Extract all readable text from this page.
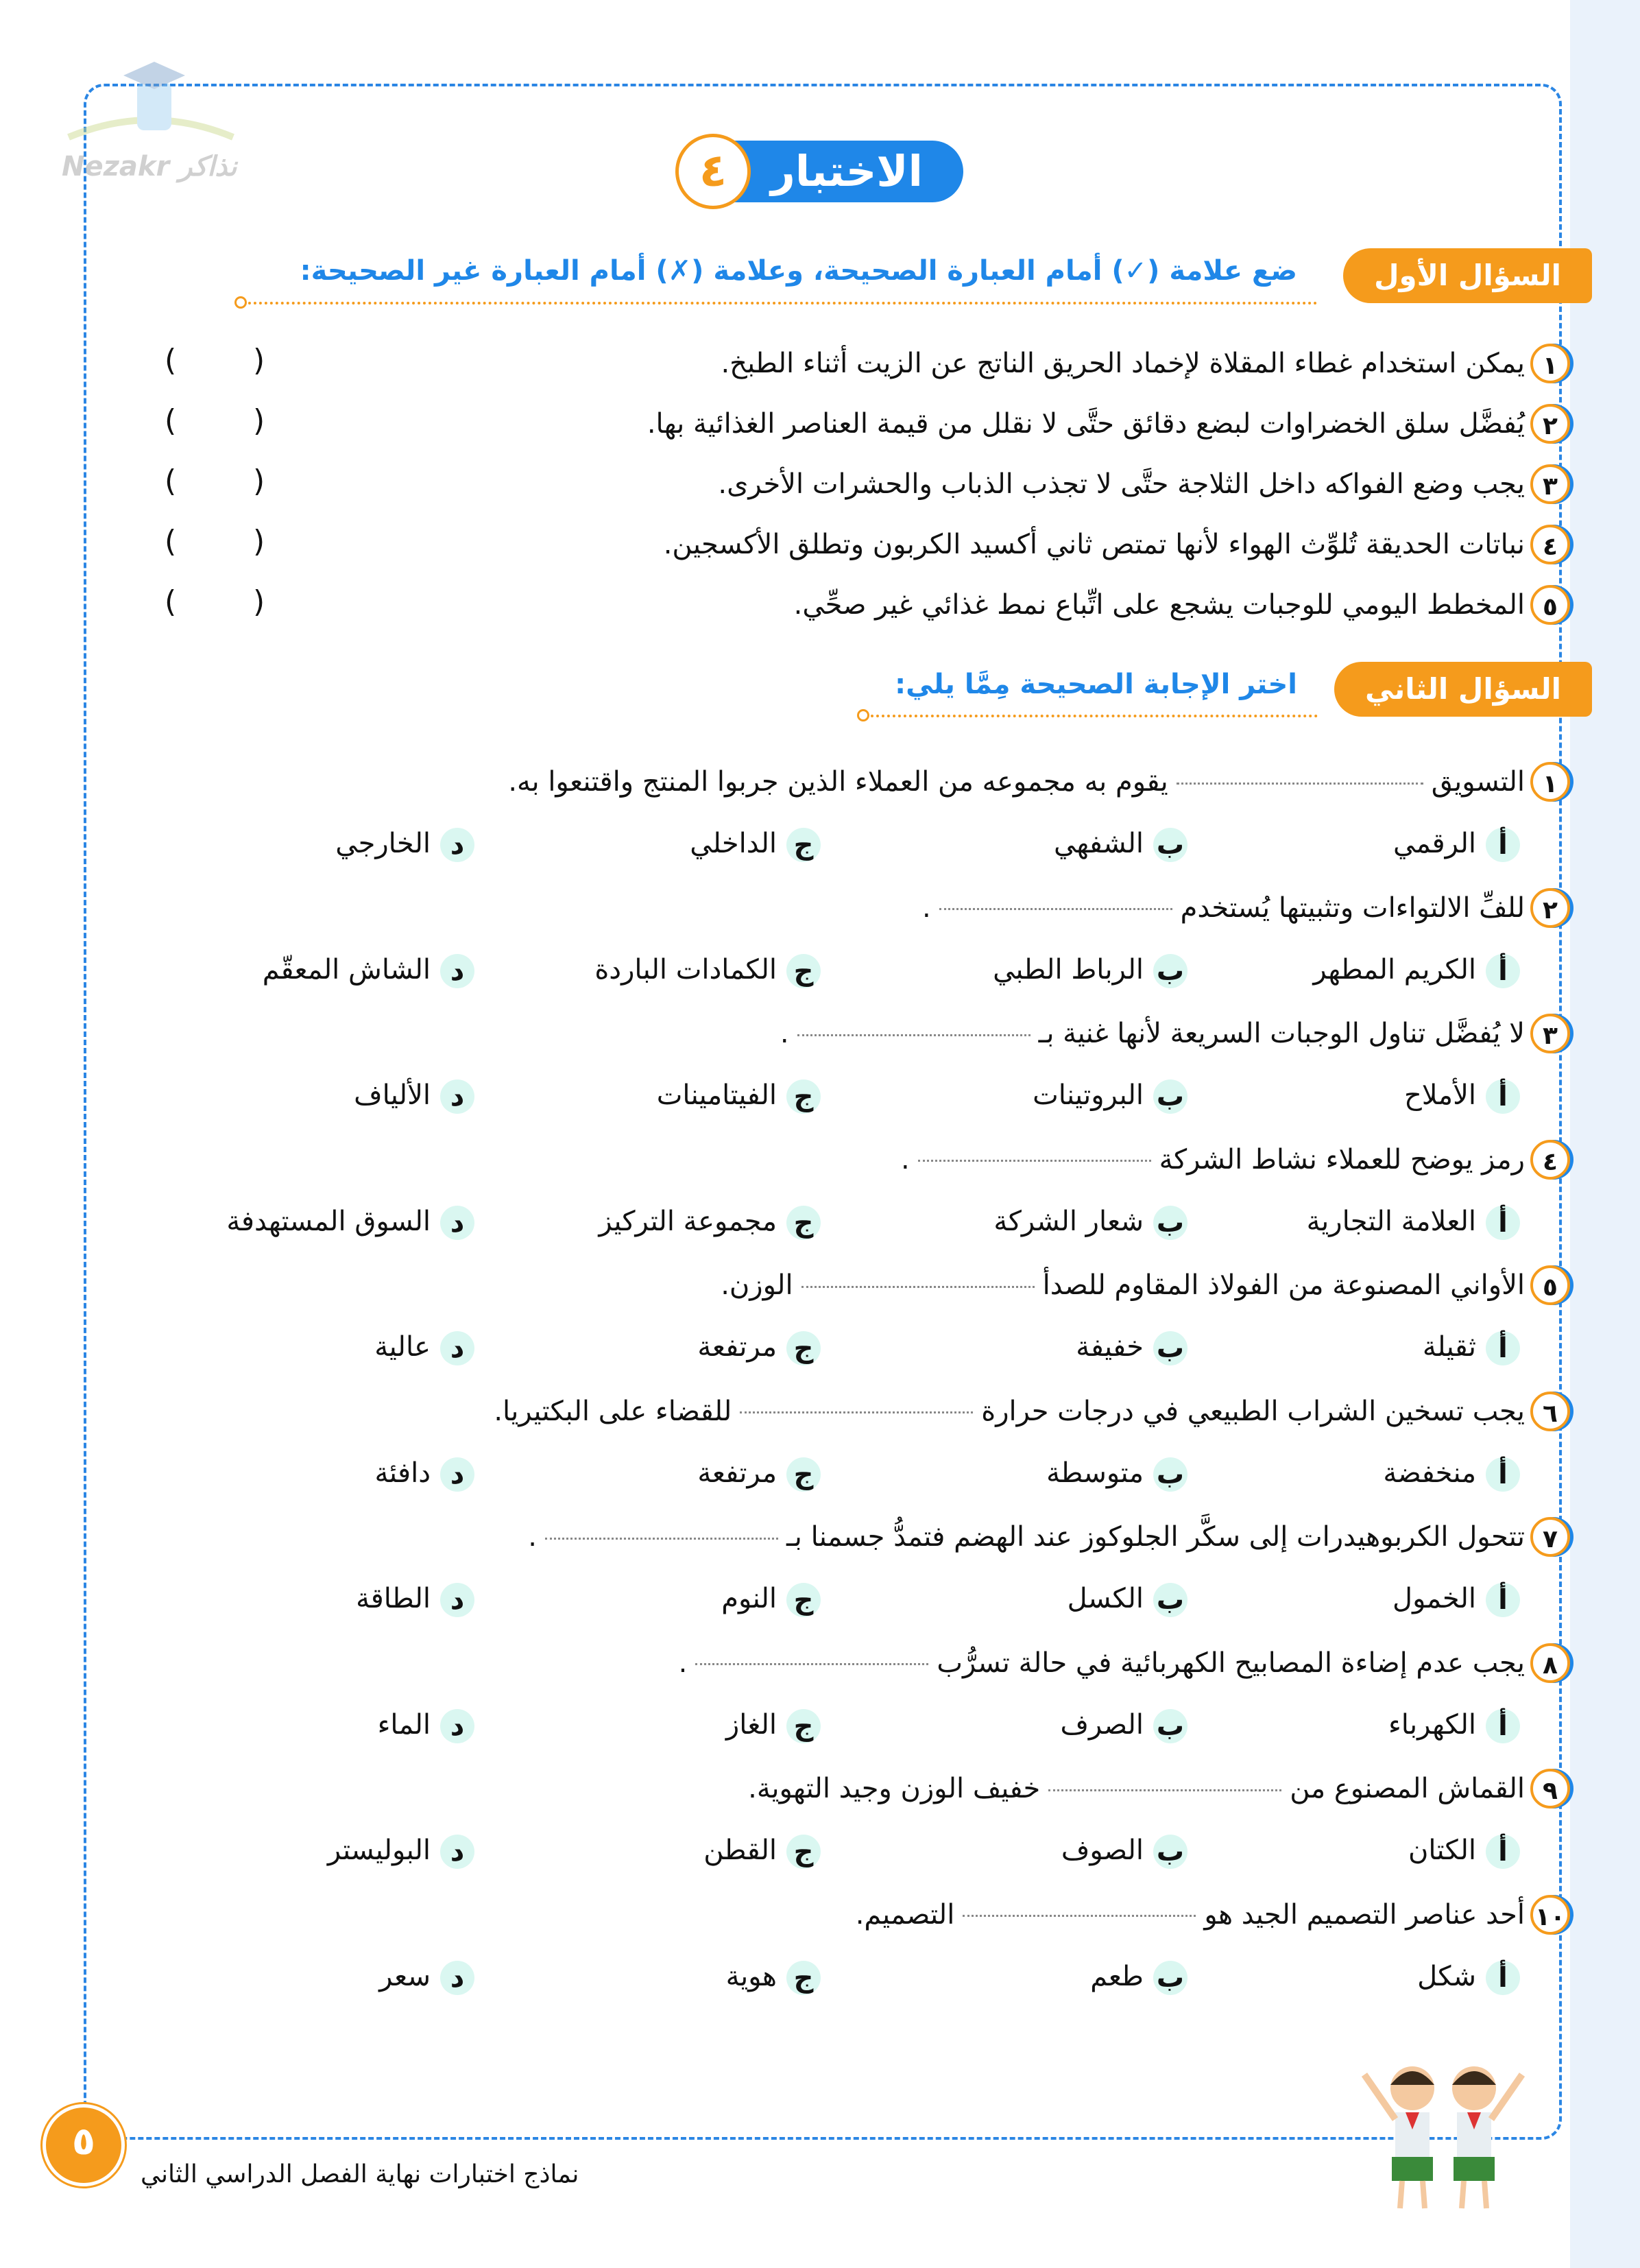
Nezakr نذاكر	الاختبار
٤
السؤال الأول
ضع علامة (✓) أمام العبارة الصحيحة، وعلامة (✗) أمام العبارة غير الصحيحة:
١
يمكن استخدام غطاء المقلاة لإخماد الحريق الناتج عن الزيت أثناء الطبخ.
(        )
٢
يُفضَّل سلق الخضراوات لبضع دقائق حتَّى لا نقلل من قيمة العناصر الغذائية بها.
(        )
٣
يجب وضع الفواكه داخل الثلاجة حتَّى لا تجذب الذباب والحشرات الأخرى.
(        )
٤
نباتات الحديقة تُلوِّث الهواء لأنها تمتص ثاني أكسيد الكربون وتطلق الأكسجين.
(        )
٥
المخطط اليومي للوجبات يشجع على اتِّباع نمط غذائي غير صحِّي.
(        )
السؤال الثاني
اختر الإجابة الصحيحة مِمَّا يلي:
١
التسويقيقوم به مجموعه من العملاء الذين جربوا المنتج واقتنعوا به.
أالرقمي
بالشفهي
جالداخلي
دالخارجي
٢
للفِّ الالتواءات وتثبيتها يُستخدم.
أالكريم المطهر
بالرباط الطبي
جالكمادات الباردة
دالشاش المعقّم
٣
لا يُفضَّل تناول الوجبات السريعة لأنها غنية بـ.
أالأملاح
بالبروتينات
جالفيتامينات
دالألياف
٤
رمز يوضح للعملاء نشاط الشركة.
أالعلامة التجارية
بشعار الشركة
جمجموعة التركيز
دالسوق المستهدفة
٥
الأواني المصنوعة من الفولاذ المقاوم للصدأالوزن.
أثقيلة
بخفيفة
جمرتفعة
دعالية
٦
يجب تسخين الشراب الطبيعي في درجات حرارةللقضاء على البكتيريا.
أمنخفضة
بمتوسطة
جمرتفعة
ددافئة
٧
تتحول الكربوهيدرات إلى سكَّر الجلوكوز عند الهضم فتمدُّ جسمنا بـ.
أالخمول
بالكسل
جالنوم
دالطاقة
٨
يجب عدم إضاءة المصابيح الكهربائية في حالة تسرُّب.
أالكهرباء
بالصرف
جالغاز
دالماء
٩
القماش المصنوع منخفيف الوزن وجيد التهوية.
أالكتان
بالصوف
جالقطن
دالبوليستر
١٠
أحد عناصر التصميم الجيد هوالتصميم.
أشكل
بطعم
جهوية
دسعر
٥
نماذج اختبارات نهاية الفصل الدراسي الثاني
